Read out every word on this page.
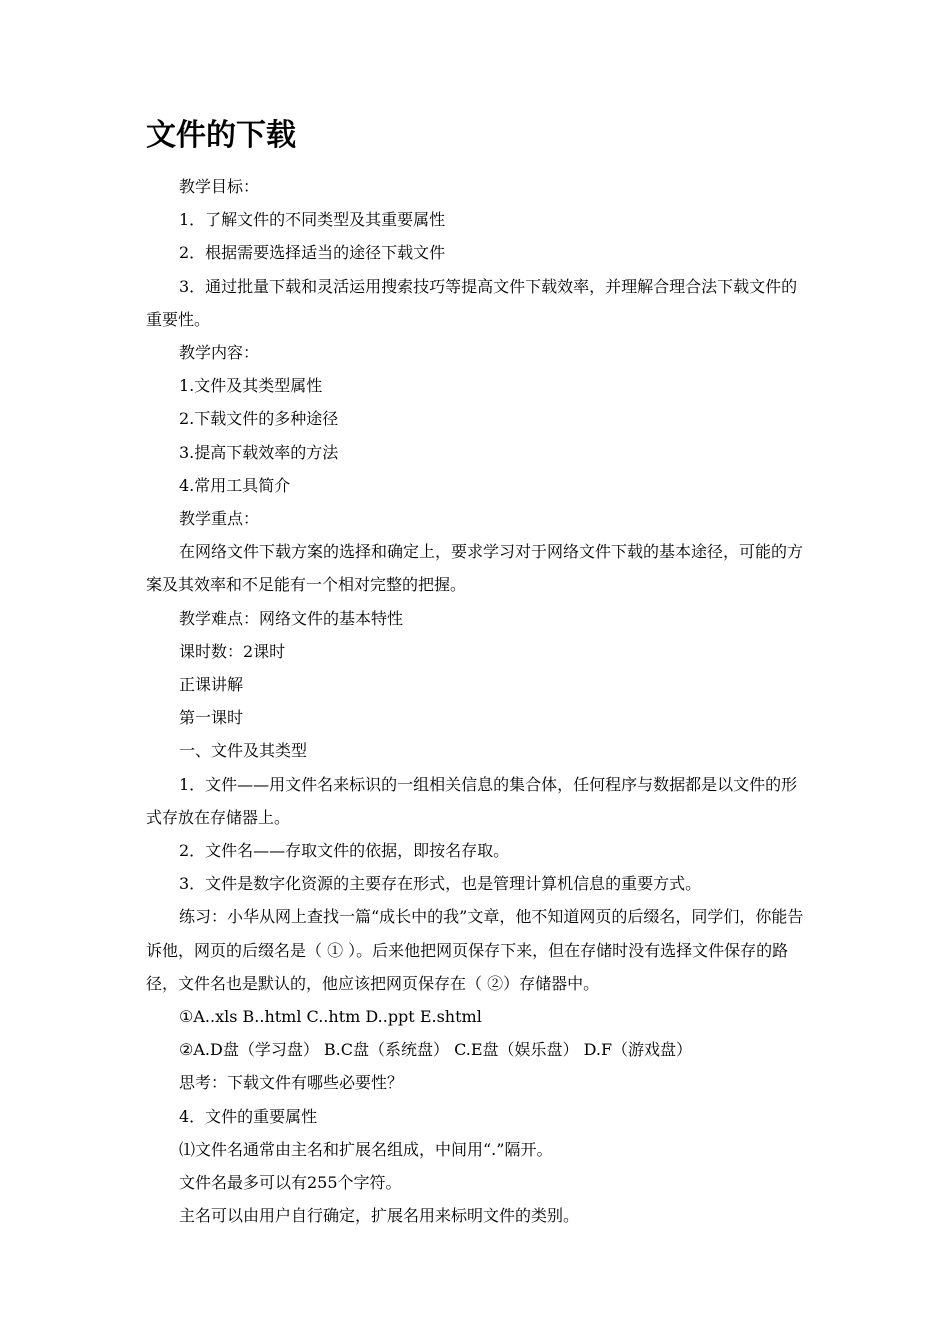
文件的下载

教学目标：

1．了解文件的不同类型及其重要属性

2．根据需要选择适当的途径下载文件

3．通过批量下载和灵活运用搜索技巧等提高文件下载效率，并理解合理合法下载文件的重要性。

教学内容：

1.文件及其类型属性

2.下载文件的多种途径

3.提高下载效率的方法

4.常用工具简介

教学重点：

在网络文件下载方案的选择和确定上，要求学习对于网络文件下载的基本途径，可能的方案及其效率和不足能有一个相对完整的把握。

教学难点：网络文件的基本特性

课时数：2课时

正课讲解

第一课时

一、文件及其类型

1．文件——用文件名来标识的一组相关信息的集合体，任何程序与数据都是以文件的形式存放在存储器上。

2．文件名——存取文件的依据，即按名存取。

3．文件是数字化资源的主要存在形式，也是管理计算机信息的重要方式。

练习：小华从网上查找一篇“成长中的我”文章，他不知道网页的后缀名，同学们，你能告诉他，网页的后缀名是（ ① ）。后来他把网页保存下来，但在存储时没有选择文件保存的路径，文件名也是默认的，他应该把网页保存在（ ②）存储器中。

①A..xls B..html C..htm D..ppt E.shtml

②A.D盘（学习盘） B.C盘（系统盘） C.E盘（娱乐盘） D.F（游戏盘）

思考：下载文件有哪些必要性？

4．文件的重要属性

⑴文件名通常由主名和扩展名组成，中间用“.”隔开。

文件名最多可以有255个字符。

主名可以由用户自行确定，扩展名用来标明文件的类别。
